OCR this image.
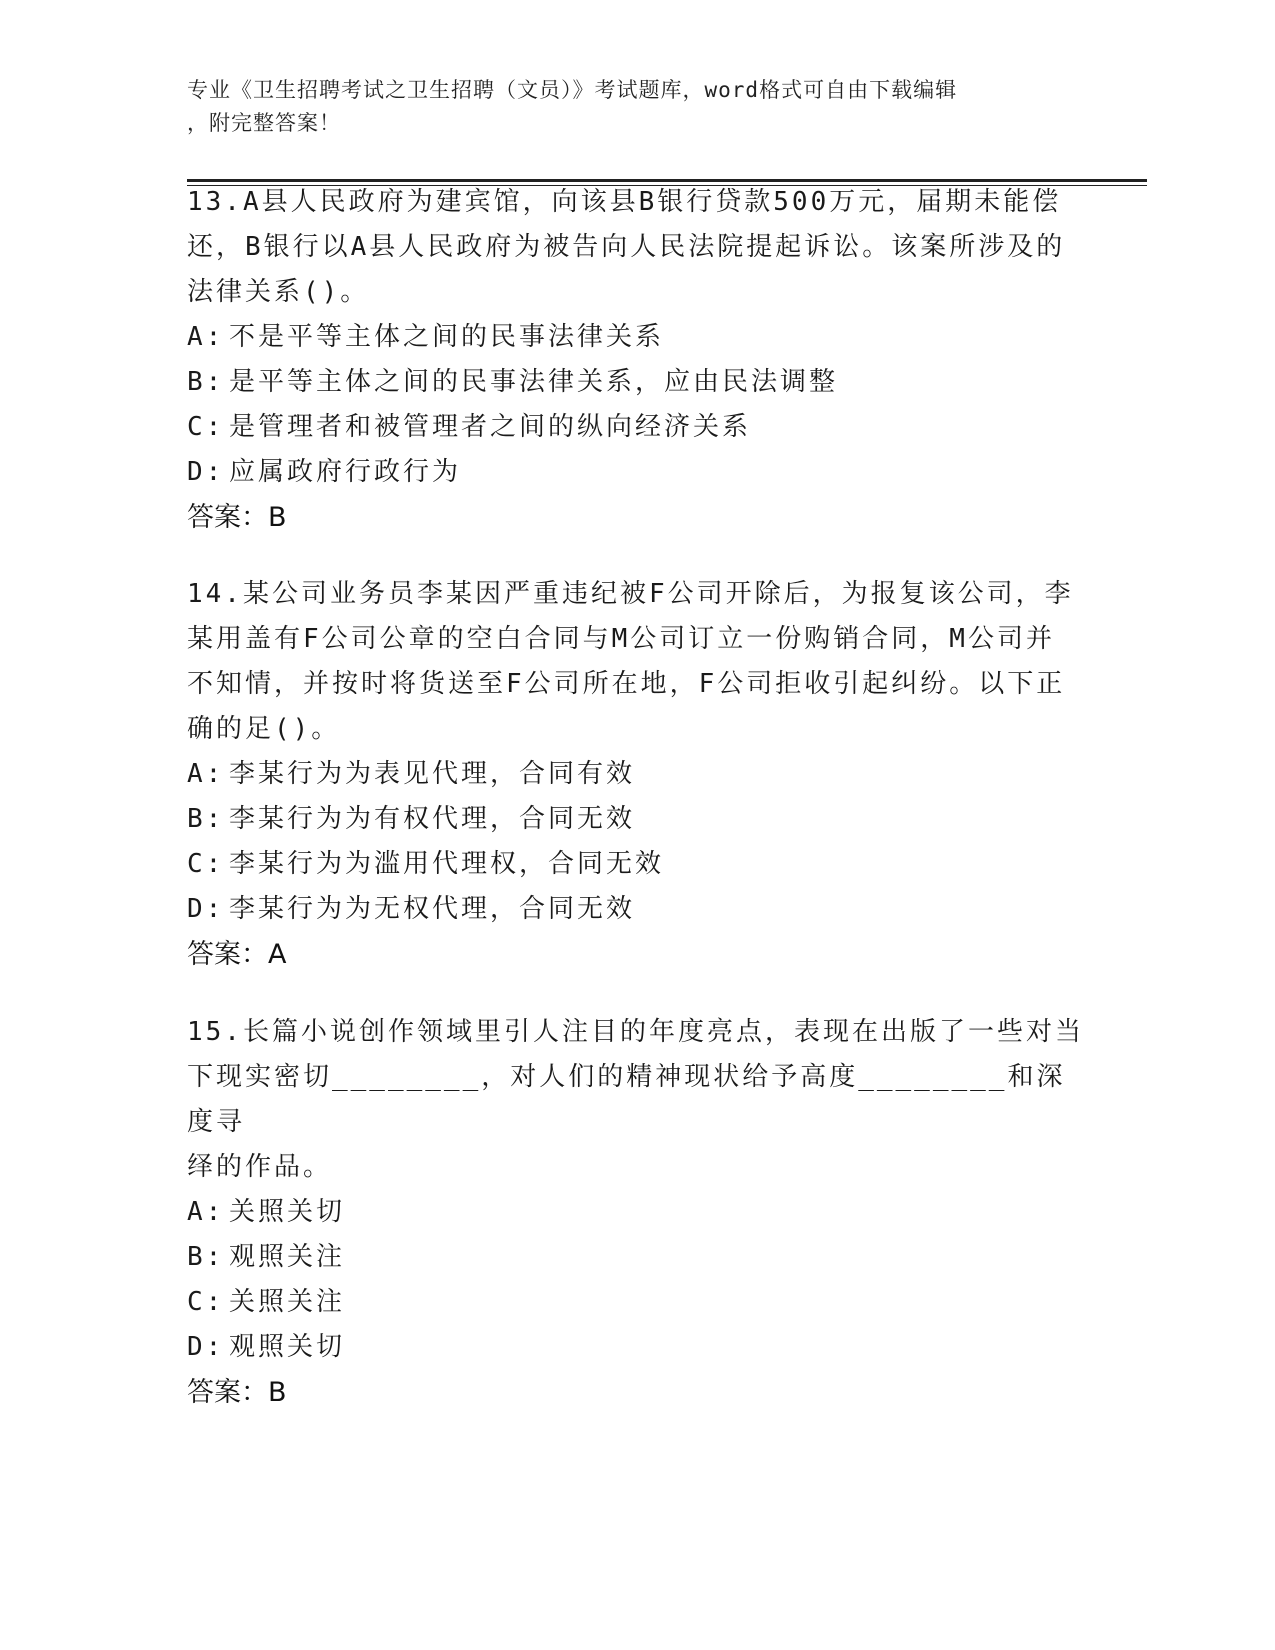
专业《卫生招聘考试之卫生招聘（文员）》考试题库，word格式可自由下载编辑
，附完整答案！
13.A县人民政府为建宾馆，向该县B银行贷款500万元，届期未能偿
还，B银行以A县人民政府为被告向人民法院提起诉讼。该案所涉及的
法律关系()。
A: 不是平等主体之间的民事法律关系
B: 是平等主体之间的民事法律关系，应由民法调整
C: 是管理者和被管理者之间的纵向经济关系
D: 应属政府行政行为
答案：B
14.某公司业务员李某因严重违纪被F公司开除后，为报复该公司，李
某用盖有F公司公章的空白合同与M公司订立一份购销合同，M公司并
不知情，并按时将货送至F公司所在地，F公司拒收引起纠纷。以下正
确的足()。
A: 李某行为为表见代理，合同有效
B: 李某行为为有权代理，合同无效
C: 李某行为为滥用代理权，合同无效
D: 李某行为为无权代理，合同无效
答案：A
15.长篇小说创作领域里引人注目的年度亮点，表现在出版了一些对当
下现实密切________，对人们的精神现状给予高度________和深度寻
绎的作品。
A: 关照关切
B: 观照关注
C: 关照关注
D: 观照关切
答案：B
